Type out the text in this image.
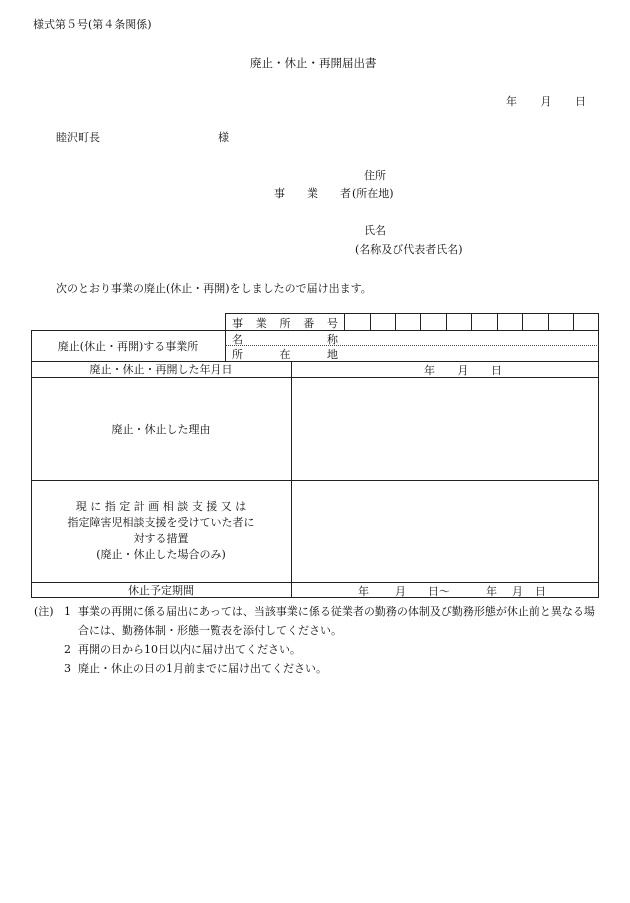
様式第５号(第４条関係)
廃止・休止・再開届出書
年 月 日
睦沢町長	様
住所
事　　業　　者 (所在地)
氏名
(名称及び代表者氏名)
次のとおり事業の廃止(休止・再開)をしましたので届け出ます。
事 業 所 番 号
廃止(休止・再開)する事業所	名	称
所	在	地
廃止・休止・再開した年月日	年 月 日
廃止・休止した理由
現 に 指 定 計 画 相 談 支 援 又 は
指定障害児相談支援を受けていた者に
対する措置
(廃止・休止した場合のみ)
休止予定期間	年 月 日～	年 月 日
(注) 1 事業の再開に係る届出にあっては、当該事業に係る従業者の勤務の体制及び勤務形態が休止前と異なる場合には、勤務体制・形態一覧表を添付してください。
2 再開の日から10日以内に届け出てください。
3 廃止・休止の日の1月前までに届け出てください。
